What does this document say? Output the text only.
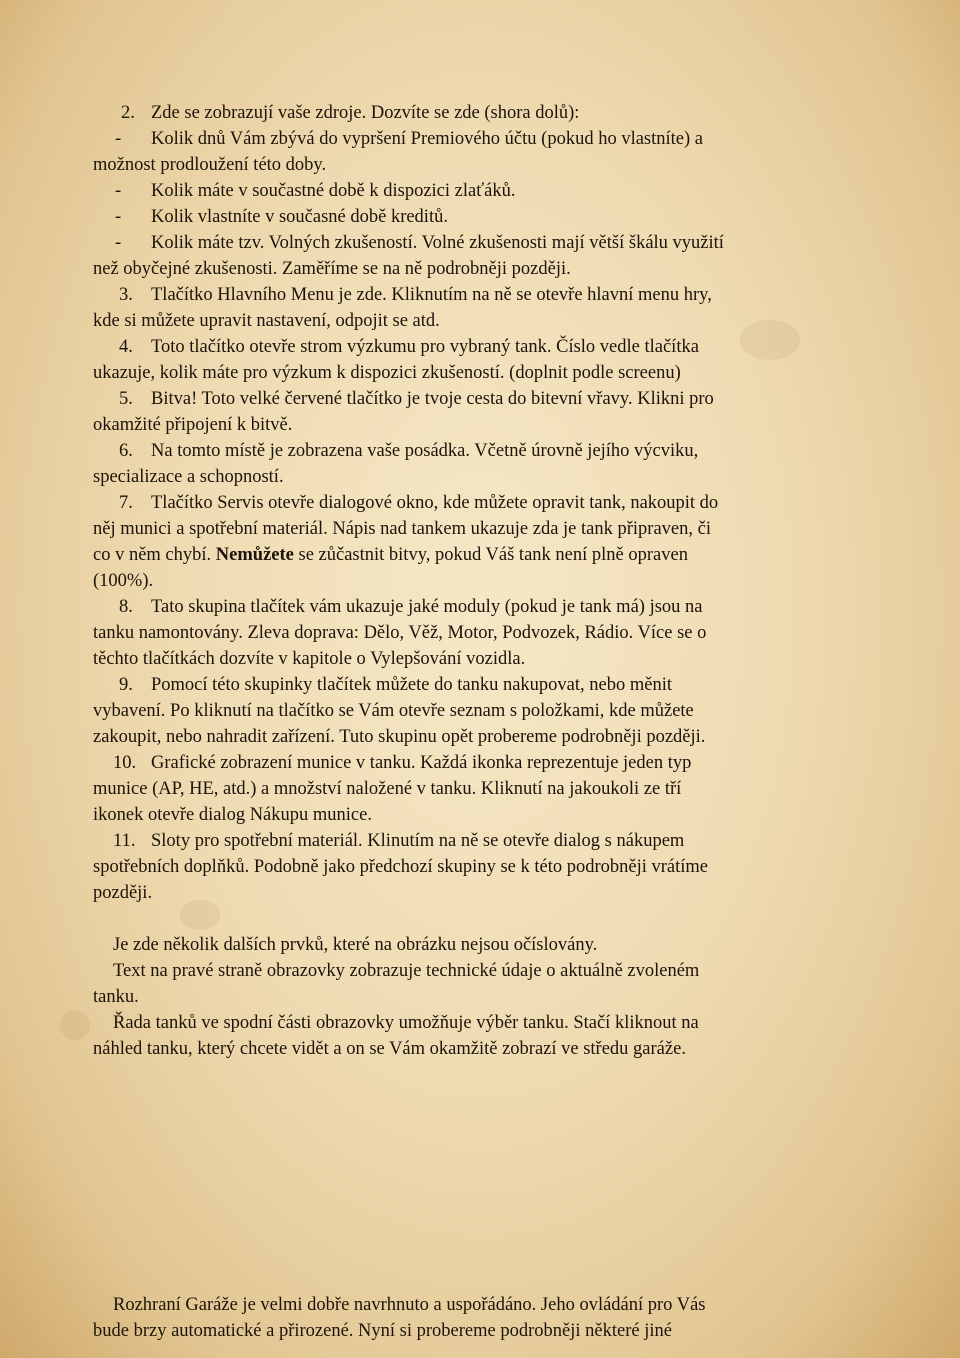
2. Zde se zobrazují vaše zdroje. Dozvíte se zde (shora dolů):

- Kolik dnů Vám zbývá do vypršení Premiového účtu (pokud ho vlastníte) a

možnost prodloužení této doby.

- Kolik máte v součastné době k dispozici zlaťáků.

- Kolik vlastníte v současné době kreditů.

- Kolik máte tzv. Volných zkušeností. Volné zkušenosti mají větší škálu využití

než obyčejné zkušenosti. Zaměříme se na ně podrobněji později.

3. Tlačítko Hlavního Menu je zde. Kliknutím na ně se otevře hlavní menu hry,

kde si můžete upravit nastavení, odpojit se atd.

4. Toto tlačítko otevře strom výzkumu pro vybraný tank. Číslo vedle tlačítka

ukazuje, kolik máte pro výzkum k dispozici zkušeností. (doplnit podle screenu)

5. Bitva! Toto velké červené tlačítko je tvoje cesta do bitevní vřavy. Klikni pro

okamžité připojení k bitvě.

6. Na tomto místě je zobrazena vaše posádka. Včetně úrovně jejího výcviku,

specializace a schopností.

7. Tlačítko Servis otevře dialogové okno, kde můžete opravit tank, nakoupit do

něj munici a spotřební materiál. Nápis nad tankem ukazuje zda je tank připraven, či

co v něm chybí. Nemůžete se zůčastnit bitvy, pokud Váš tank není plně opraven

(100%).

8. Tato skupina tlačítek vám ukazuje jaké moduly (pokud je tank má) jsou na

tanku namontovány. Zleva doprava: Dělo, Věž, Motor, Podvozek, Rádio. Více se o

těchto tlačítkách dozvíte v kapitole o Vylepšování vozidla.

9. Pomocí této skupinky tlačítek můžete do tanku nakupovat, nebo měnit

vybavení. Po kliknutí na tlačítko se Vám otevře seznam s položkami, kde můžete

zakoupit, nebo nahradit zařízení. Tuto skupinu opět probereme podrobněji později.

10. Grafické zobrazení munice v tanku. Každá ikonka reprezentuje jeden typ

munice (AP, HE, atd.) a množství naložené v tanku. Kliknutí na jakoukoli ze tří

ikonek otevře dialog Nákupu munice.

11. Sloty pro spotřební materiál. Klinutím na ně se otevře dialog s nákupem

spotřebních doplňků. Podobně jako předchozí skupiny se k této podrobněji vrátíme

později.

Je zde několik dalších prvků, které na obrázku nejsou očíslovány.

Text na pravé straně obrazovky zobrazuje technické údaje o aktuálně zvoleném

tanku.

Řada tanků ve spodní části obrazovky umožňuje výběr tanku. Stačí kliknout na

náhled tanku, který chcete vidět a on se Vám okamžitě zobrazí ve středu garáže.

Rozhraní Garáže je velmi dobře navrhnuto a uspořádáno. Jeho ovládání pro Vás

bude brzy automatické a přirozené. Nyní si probereme podrobněji některé jiné
